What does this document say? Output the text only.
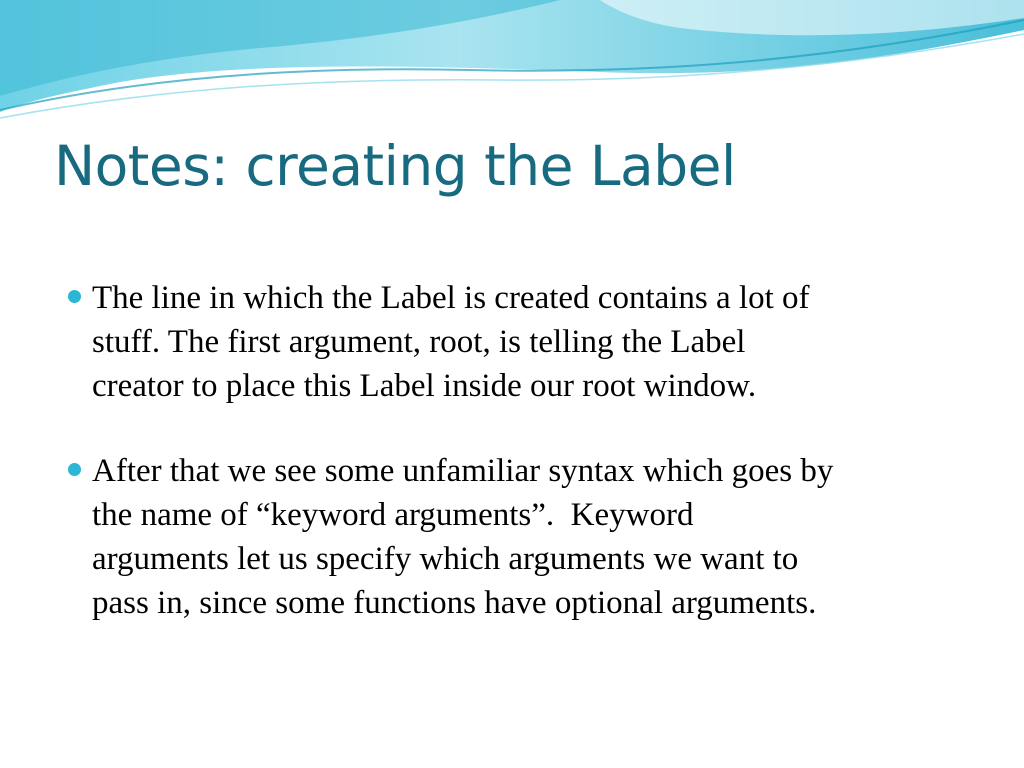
Notes: creating the Label
The line in which the Label is created contains a lot of
stuff. The first argument, root, is telling the Label
creator to place this Label inside our root window.
After that we see some unfamiliar syntax which goes by
the name of “keyword arguments”.  Keyword
arguments let us specify which arguments we want to
pass in, since some functions have optional arguments.
